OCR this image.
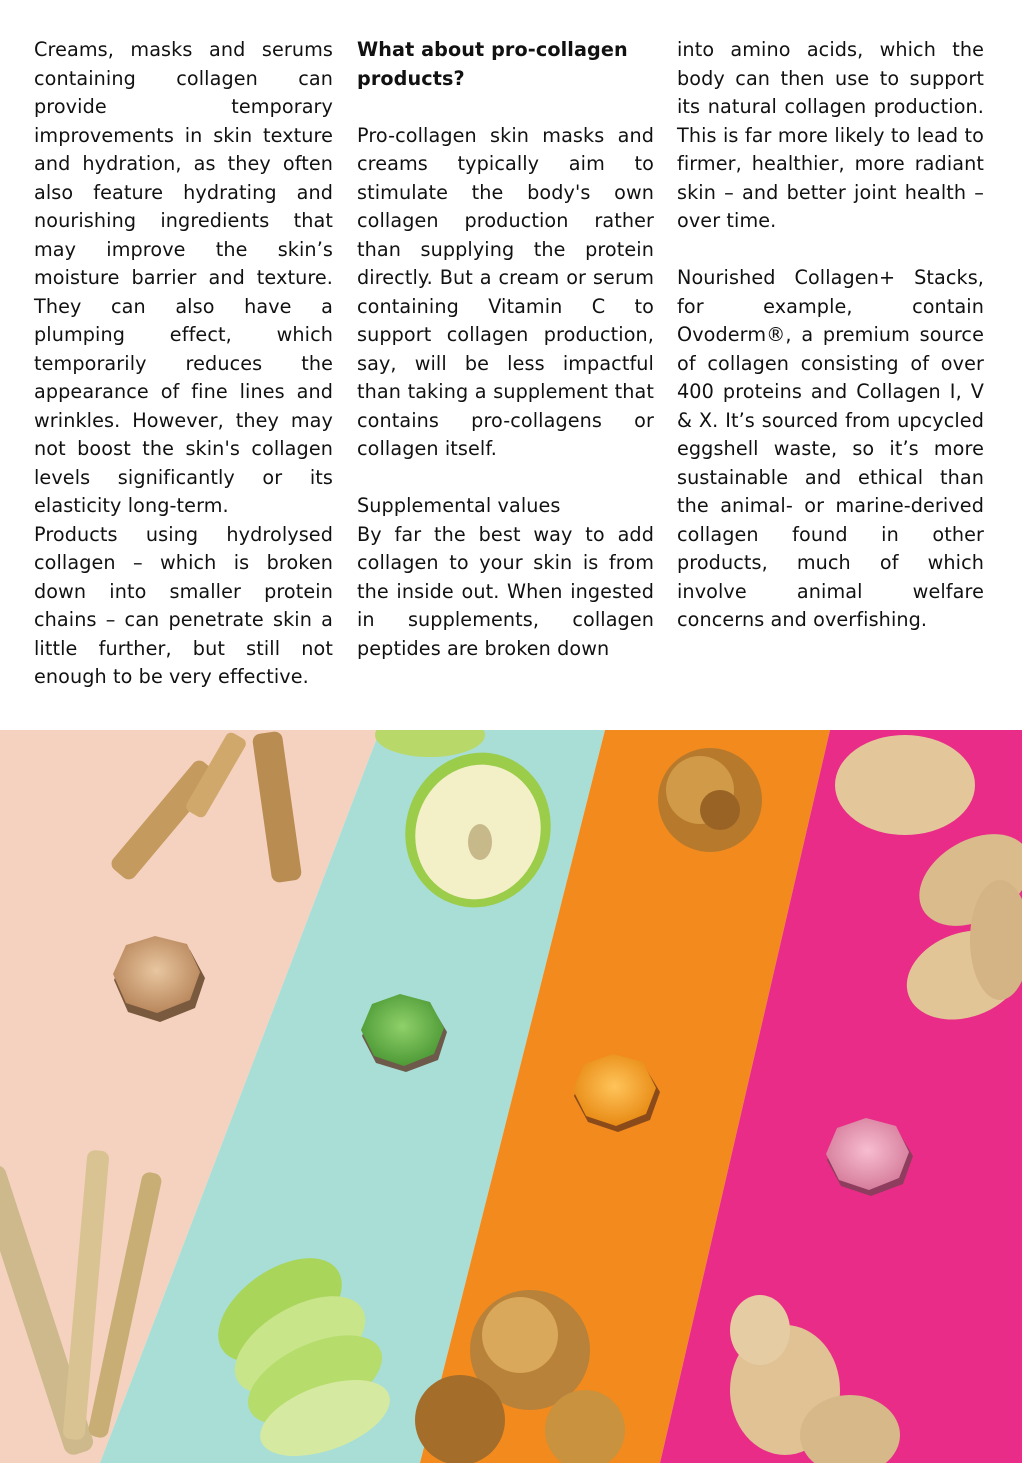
Creams, masks and serums containing collagen can provide temporary improvements in skin texture and hydration, as they often also feature hydrating and nourishing ingredients that may improve the skin’s moisture barrier and texture. They can also have a plumping effect, which temporarily reduces the appearance of fine lines and wrinkles. However, they may not boost the skin's collagen levels significantly or its elasticity long-term.

Products using hydrolysed collagen – which is broken down into smaller protein chains – can penetrate skin a little further, but still not enough to be very effective.

What about pro-collagen products?

Pro-collagen skin masks and creams typically aim to stimulate the body's own collagen production rather than supplying the protein directly. But a cream or serum containing Vitamin C to support collagen production, say, will be less impactful than taking a supplement that contains pro-collagens or collagen itself.

Supplemental values

By far the best way to add collagen to your skin is from the inside out. When ingested in supplements, collagen peptides are broken down

into amino acids, which the body can then use to support its natural collagen production. This is far more likely to lead to firmer, healthier, more radiant skin – and better joint health – over time.

Nourished Collagen+ Stacks, for example, contain Ovoderm®, a premium source of collagen consisting of over 400 proteins and Collagen I, V & X. It’s sourced from upcycled eggshell waste, so it’s more sustainable and ethical than the animal- or marine-derived collagen found in other products, much of which involve animal welfare concerns and overfishing.
